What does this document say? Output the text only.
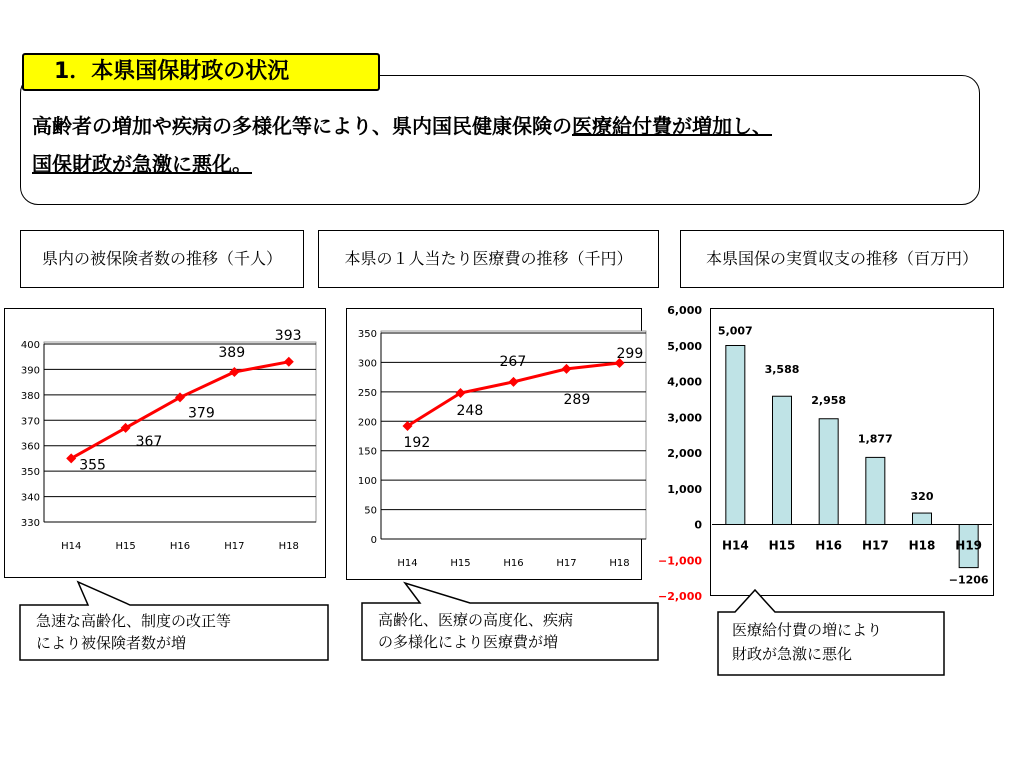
1．本県国保財政の状況
高齢者の増加や疾病の多様化等により、県内国民健康保険の医療給付費が増加し、
国保財政が急激に悪化。
県内の被保険者数の推移（千人）	本県の１人当たり医療費の推移（千円）	本県国保の実質収支の推移（百万円）
330
340
350
360
370
380
390
400
H14	H15	H16	H17	H18
355
367
379
389
393
0
50
100
150
200
250
300
350
H14	H15	H16	H17	H18
192
248
267
289
299
−2,000
−1,000
0
1,000
2,000
3,000
4,000
5,000
6,000
H14
5,007
H15
3,588
H16
2,958
H17
1,877
H18
320
H19
−1206
急速な高齢化、制度の改正等
により被保険者数が増
高齢化、医療の高度化、疾病
の多様化により医療費が増
医療給付費の増により
財政が急激に悪化
